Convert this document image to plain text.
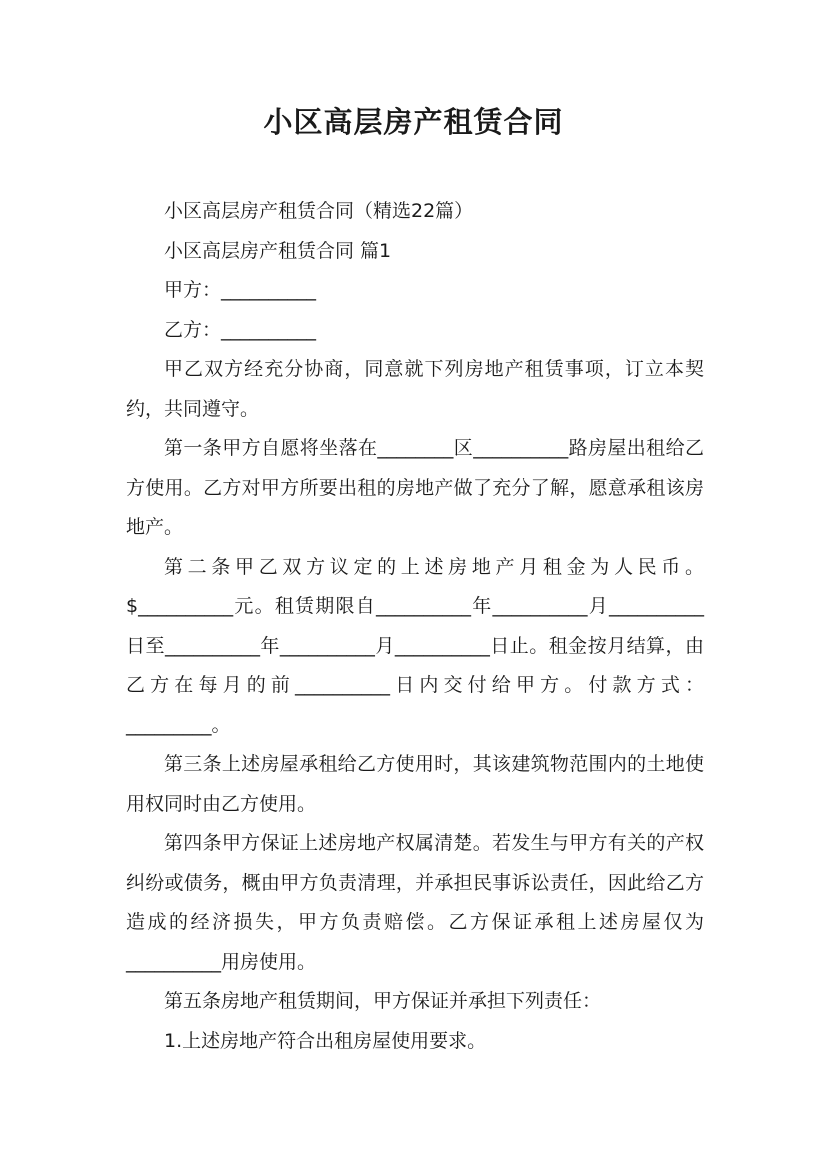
小区高层房产租赁合同

小区高层房产租赁合同（精选22篇）

小区高层房产租赁合同 篇1

甲方：__________

乙方：__________

甲乙双方经充分协商，同意就下列房地产租赁事项，订立本契约，共同遵守。

第一条甲方自愿将坐落在________区__________路房屋出租给乙方使用。乙方对甲方所要出租的房地产做了充分了解，愿意承租该房地产。

第二条甲乙双方议定的上述房地产月租金为人民币。$__________元。租赁期限自__________年__________月__________日至__________年__________月__________日止。租金按月结算，由乙方在每月的前__________日内交付给甲方。付款方式：_________。

第三条上述房屋承租给乙方使用时，其该建筑物范围内的土地使用权同时由乙方使用。

第四条甲方保证上述房地产权属清楚。若发生与甲方有关的产权纠纷或债务，概由甲方负责清理，并承担民事诉讼责任，因此给乙方造成的经济损失，甲方负责赔偿。乙方保证承租上述房屋仅为__________用房使用。

第五条房地产租赁期间，甲方保证并承担下列责任：

1.上述房地产符合出租房屋使用要求。
